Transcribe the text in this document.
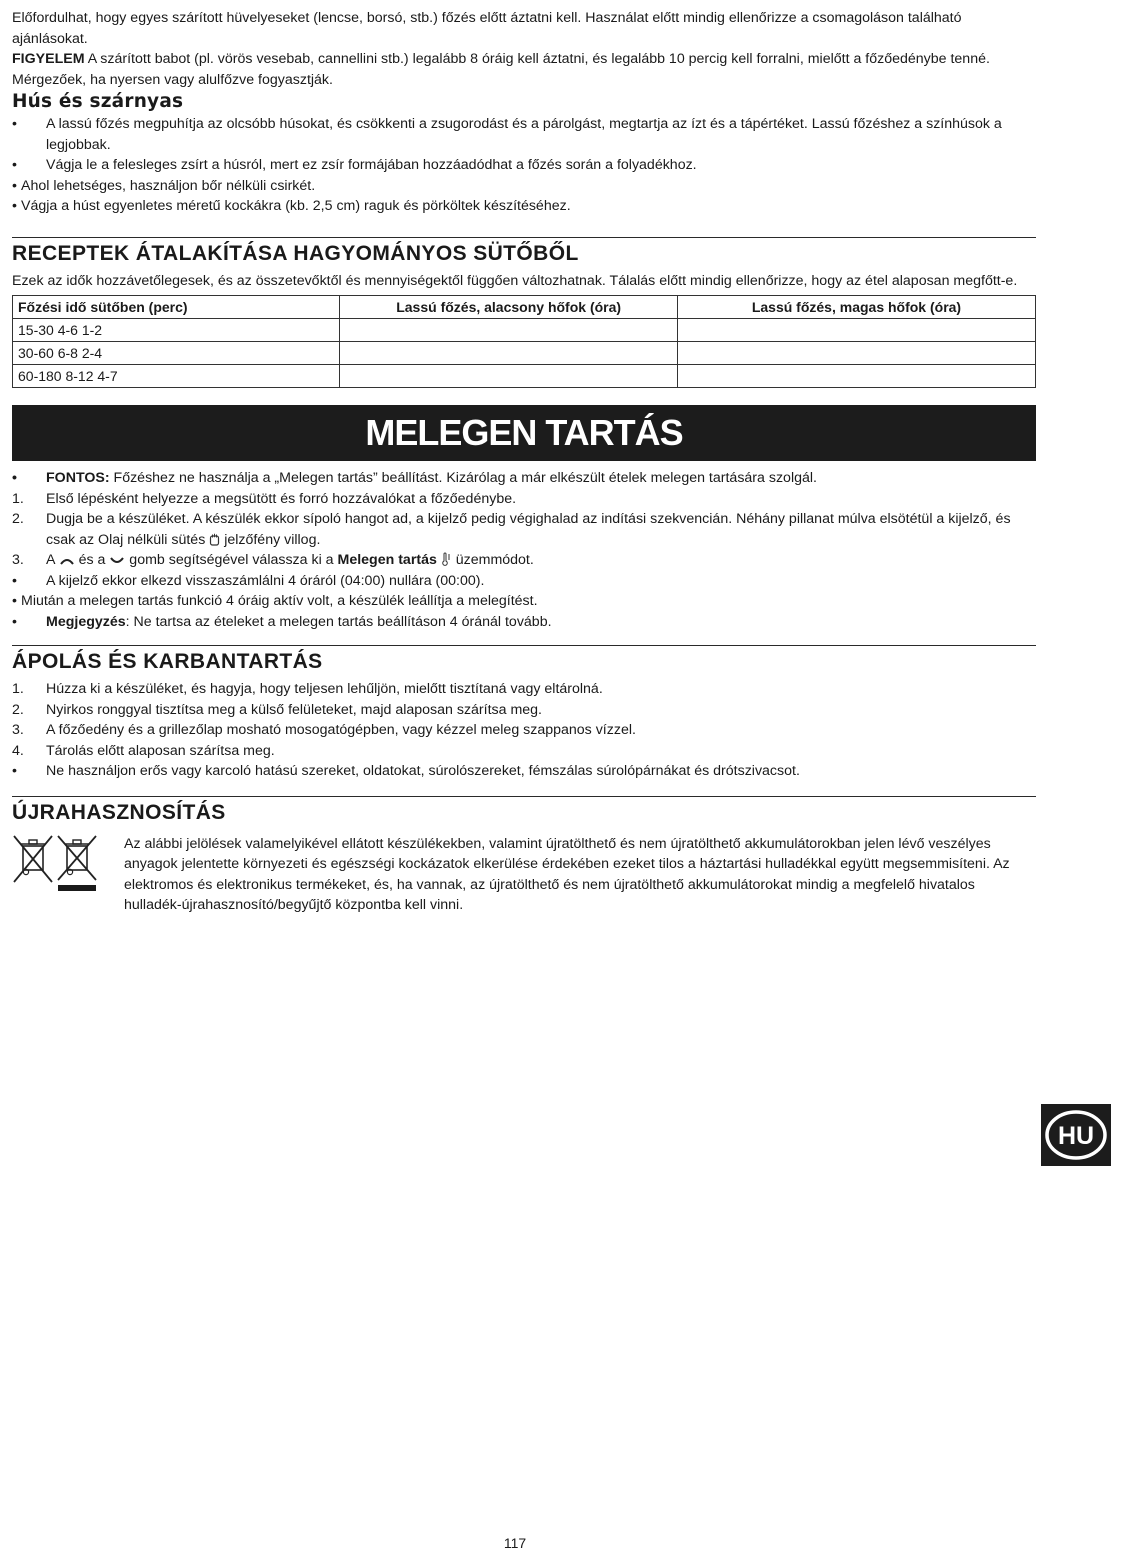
Előfordulhat, hogy egyes szárított hüvelyeseket (lencse, borsó, stb.) főzés előtt áztatni kell. Használat előtt mindig ellenőrizze a csomagoláson található ajánlásokat.

FIGYELEM A szárított babot (pl. vörös vesebab, cannellini stb.) legalább 8 óráig kell áztatni, és legalább 10 percig kell forralni, mielőtt a főzőedénybe tenné. Mérgezőek, ha nyersen vagy alulfőzve fogyasztják.

Hús és szárnyas
•	A lassú főzés megpuhítja az olcsóbb húsokat, és csökkenti a zsugorodást és a párolgást, megtartja az ízt és a tápértéket. Lassú főzéshez a színhúsok a legjobbak.
•	Vágja le a felesleges zsírt a húsról, mert ez zsír formájában hozzáadódhat a főzés során a folyadékhoz.
• Ahol lehetséges, használjon bőr nélküli csirkét.
• Vágja a húst egyenletes méretű kockákra (kb. 2,5 cm) raguk és pörköltek készítéséhez.
RECEPTEK ÁTALAKÍTÁSA HAGYOMÁNYOS SÜTŐBŐL

Ezek az idők hozzávetőlegesek, és az összetevőktől és mennyiségektől függően változhatnak. Tálalás előtt mindig ellenőrizze, hogy az étel alaposan megfőtt-e.

Főzési idő sütőben (perc)	Lassú főzés, alacsony hőfok (óra)	Lassú főzés, magas hőfok (óra)
15-30 4-6 1-2		
30-60 6-8 2-4		
60-180 8-12 4-7		
MELEGEN TARTÁS
•	FONTOS: Főzéshez ne használja a „Melegen tartás” beállítást. Kizárólag a már elkészült ételek melegen tartására szolgál.
1.	Első lépésként helyezze a megsütött és forró hozzávalókat a főzőedénybe.
2.	Dugja be a készüléket. A készülék ekkor sípoló hangot ad, a kijelző pedig végighalad az indítási szekvencián. Néhány pillanat múlva elsötétül a kijelző, és csak az Olaj nélküli sütés  jelzőfény villog.
3.	A  és a  gomb segítségével válassza ki a Melegen tartás  üzemmódot.
•	A kijelző ekkor elkezd visszaszámlálni 4 óráról (04:00) nullára (00:00).
• Miután a melegen tartás funkció 4 óráig aktív volt, a készülék leállítja a melegítést.
•	Megjegyzés: Ne tartsa az ételeket a melegen tartás beállításon 4 óránál tovább.
ÁPOLÁS ÉS KARBANTARTÁS
1.	Húzza ki a készüléket, és hagyja, hogy teljesen lehűljön, mielőtt tisztítaná vagy eltárolná.
2.	Nyirkos ronggyal tisztítsa meg a külső felületeket, majd alaposan szárítsa meg.
3.	A főzőedény és a grillezőlap mosható mosogatógépben, vagy kézzel meleg szappanos vízzel.
4.	Tárolás előtt alaposan szárítsa meg.
•	Ne használjon erős vagy karcoló hatású szereket, oldatokat, súrolószereket, fémszálas súrolópárnákat és drótszivacsot.
ÚJRAHASZNOSÍTÁS

Az alábbi jelölések valamelyikével ellátott készülékekben, valamint újratölthető és nem újratölthető akkumulátorokban jelen lévő veszélyes anyagok jelentette környezeti és egészségi kockázatok elkerülése érdekében ezeket tilos a háztartási hulladékkal együtt megsemmisíteni. Az elektromos és elektronikus termékeket, és, ha vannak, az újratölthető és nem újratölthető akkumulátorokat mindig a megfelelő hivatalos hulladék-újrahasznosító/begyűjtő központba kell vinni.

HU
117
